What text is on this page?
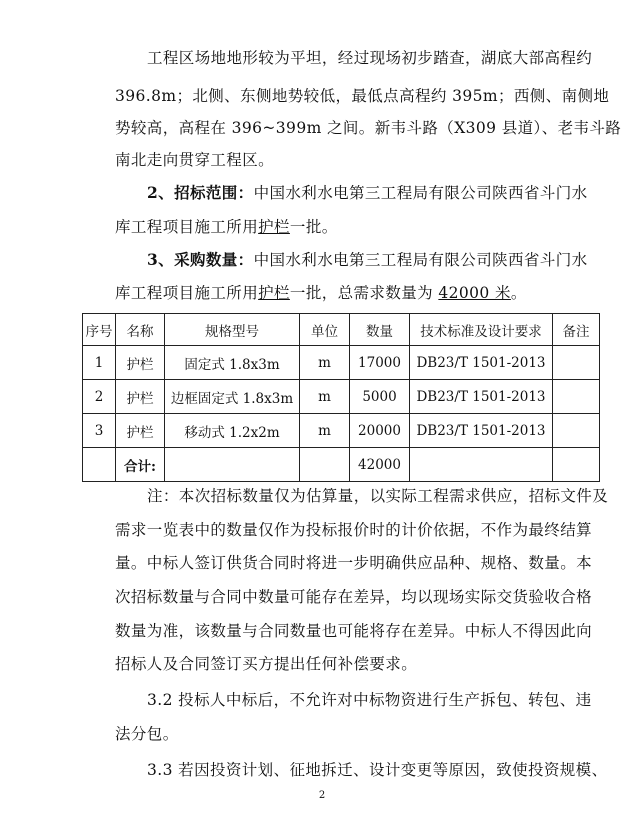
工程区场地地形较为平坦，经过现场初步踏查，湖底大部高程约
396.8m；北侧、东侧地势较低，最低点高程约 395m；西侧、南侧地
势较高，高程在 396~399m 之间。新韦斗路（X309 县道）、老韦斗路
南北走向贯穿工程区。
2、招标范围：中国水利水电第三工程局有限公司陕西省斗门水
库工程项目施工所用护栏一批。
3、采购数量：中国水利水电第三工程局有限公司陕西省斗门水
库工程项目施工所用护栏一批，总需求数量为 42000 米。
序号	名称	规格型号	单位	数量	技术标准及设计要求	备注
1	护栏	固定式 1.8x3m	m	17000	DB23/T 1501-2013	
2	护栏	边框固定式 1.8x3m	m	5000	DB23/T 1501-2013	
3	护栏	移动式 1.2x2m	m	20000	DB23/T 1501-2013	
	合计:			42000		
注：本次招标数量仅为估算量，以实际工程需求供应，招标文件及
需求一览表中的数量仅作为投标报价时的计价依据，不作为最终结算
量。中标人签订供货合同时将进一步明确供应品种、规格、数量。本
次招标数量与合同中数量可能存在差异，均以现场实际交货验收合格
数量为准，该数量与合同数量也可能将存在差异。中标人不得因此向
招标人及合同签订买方提出任何补偿要求。
3.2 投标人中标后，不允许对中标物资进行生产拆包、转包、违
法分包。
3.3 若因投资计划、征地拆迁、设计变更等原因，致使投资规模、
2
